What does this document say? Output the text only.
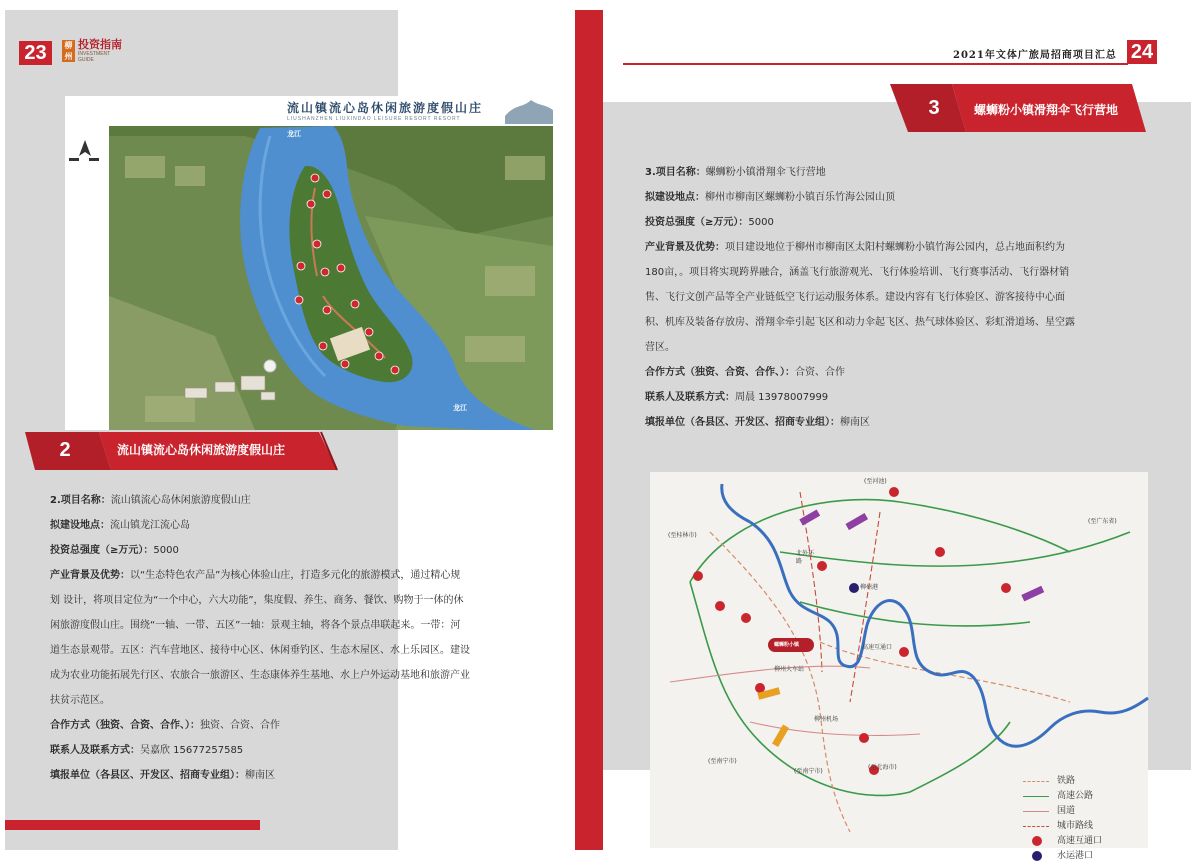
23	柳州
投资指南
INVESTMENT GUIDE
流山镇流心岛休闲旅游度假山庄
LIUSHANZHEN LIUXINDAO LEISURE RESORT RESORT
龙江
龙江
2	流山镇流心岛休闲旅游度假山庄

2.项目名称：流山镇流心岛休闲旅游度假山庄

拟建设地点：流山镇龙江流心岛

投资总强度（≥万元）：5000

产业背景及优势：以“生态特色农产品”为核心体验山庄，打造多元化的旅游模式，通过精心规

划 设计，将项目定位为“一个中心，六大功能”，集度假、养生、商务、餐饮、购物于一体的休

闲旅游度假山庄。围绕“一轴、一带、五区”一轴：景观主轴，将各个景点串联起来。一带：河

道生态景观带。五区：汽车营地区、接待中心区、休闲垂钓区、生态木屋区、水上乐园区。建设

成为农业功能拓展先行区、农旅合一旅游区、生态康体养生基地、水上户外运动基地和旅游产业

扶贫示范区。

合作方式（独资、合资、合作、）：独资、合资、合作

联系人及联系方式：吴嘉欣 15677257585

填报单位（各县区、开发区、招商专业组）：柳南区

2021年文体广旅局招商项目汇总 24
3	螺蛳粉小镇滑翔伞飞行营地

3.项目名称：螺蛳粉小镇滑翔伞飞行营地

拟建设地点：柳州市柳南区螺蛳粉小镇百乐竹海公园山顶

投资总强度（≥万元）：5000

产业背景及优势：项目建设地位于柳州市柳南区太阳村螺蛳粉小镇竹海公园内，总占地面积约为

180亩，。项目将实现跨界融合，涵盖飞行旅游观光、飞行体验培训、飞行赛事活动、飞行器材销

售、飞行文创产品等全产业链低空飞行运动服务体系。建设内容有飞行体验区、游客接待中心面

积、机库及装备存放房、滑翔伞牵引起飞区和动力伞起飞区、热气球体验区、彩虹滑道场、星空露

营区。

合作方式（独资、合资、合作、）：合资、合作

联系人及联系方式：周晨 13978007999

填报单位（各县区、开发区、招商专业组）：柳南区

(至河池)
(至桂林市)
(至广东省)
(至南宁市)
(至南宁市)
(至北海市)
北外环路
柳州火车站
柳州机场
柳州港
高速互通口
螺蛳粉小镇
铁路
高速公路
国道
城市路线
高速互通口
水运港口
